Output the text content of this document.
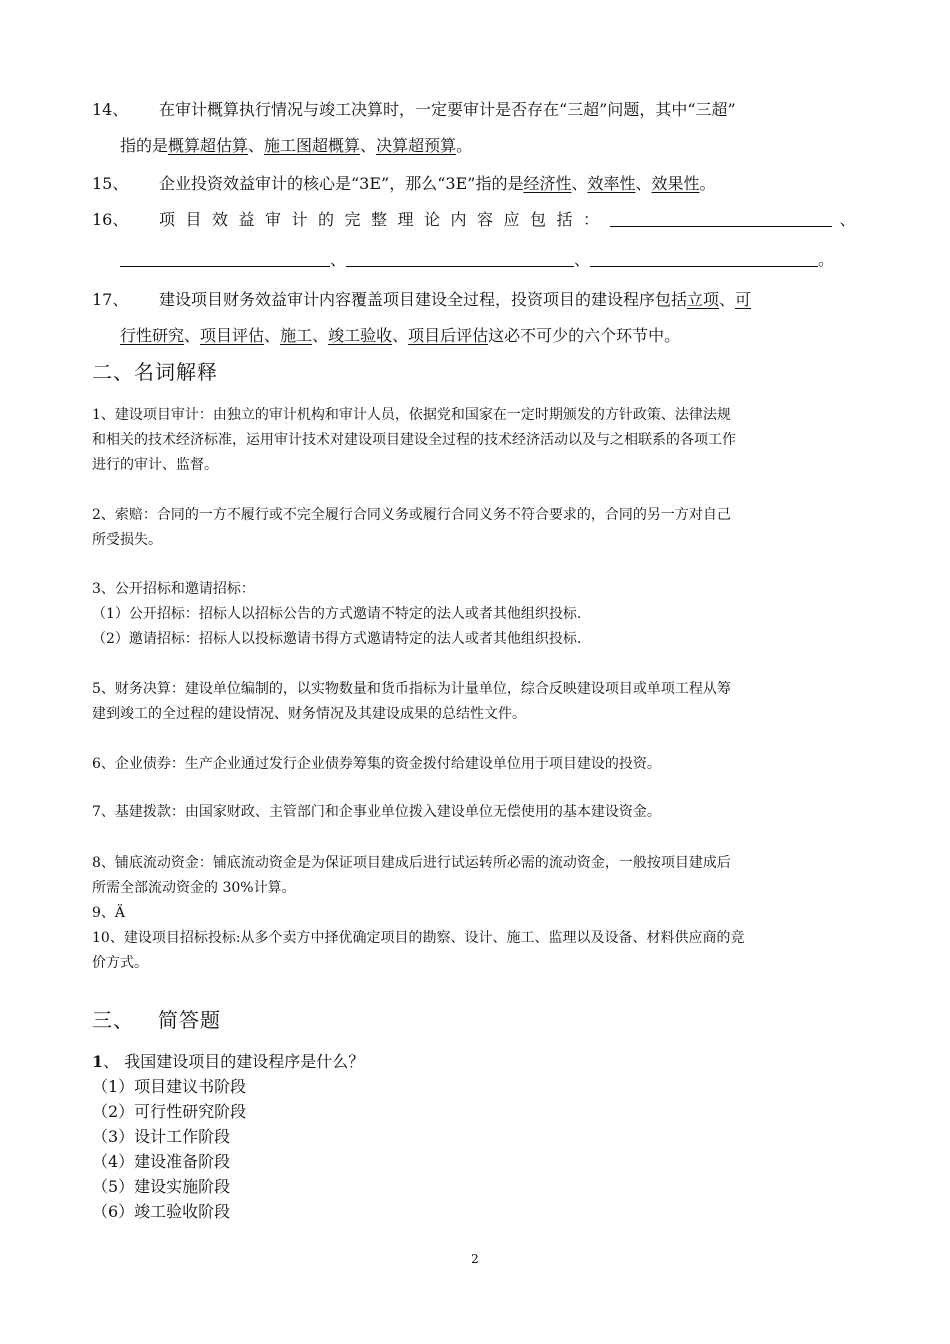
14、 在审计概算执行情况与竣工决算时，一定要审计是否存在“三超”问题，其中“三超”
指的是概算超估算、施工图超概算、决算超预算。
15、 企业投资效益审计的核心是“3E”，那么“3E”指的是经济性、效率性、效果性。
16、 项目效益审计的完整理论内容应包括：	、
、	、	。
17、 建设项目财务效益审计内容覆盖项目建设全过程，投资项目的建设程序包括立项、可
行性研究、项目评估、施工、竣工验收、项目后评估这必不可少的六个环节中。
二、名词解释

1、建设项目审计：由独立的审计机构和审计人员，依据党和国家在一定时期颁发的方针政策、法律法规

和相关的技术经济标准，运用审计技术对建设项目建设全过程的技术经济活动以及与之相联系的各项工作

进行的审计、监督。

2、索赔：合同的一方不履行或不完全履行合同义务或履行合同义务不符合要求的，合同的另一方对自己

所受损失。

3、公开招标和邀请招标：

（1）公开招标：招标人以招标公告的方式邀请不特定的法人或者其他组织投标.

（2）邀请招标：招标人以投标邀请书得方式邀请特定的法人或者其他组织投标.

5、财务决算：建设单位编制的，以实物数量和货币指标为计量单位，综合反映建设项目或单项工程从筹

建到竣工的全过程的建设情况、财务情况及其建设成果的总结性文件。

6、企业债券：生产企业通过发行企业债券筹集的资金拨付给建设单位用于项目建设的投资。

7、基建拨款：由国家财政、主管部门和企事业单位拨入建设单位无偿使用的基本建设资金。

8、铺底流动资金：铺底流动资金是为保证项目建成后进行试运转所必需的流动资金，一般按项目建成后

所需全部流动资金的 30%计算。

9、Ä

10、建设项目招标投标:从多个卖方中择优确定项目的勘察、设计、施工、监理以及设备、材料供应商的竞

价方式。

三、 简答题

1、 我国建设项目的建设程序是什么？

（1）项目建议书阶段

（2）可行性研究阶段

（3）设计工作阶段

（4）建设准备阶段

（5）建设实施阶段

（6）竣工验收阶段

2
